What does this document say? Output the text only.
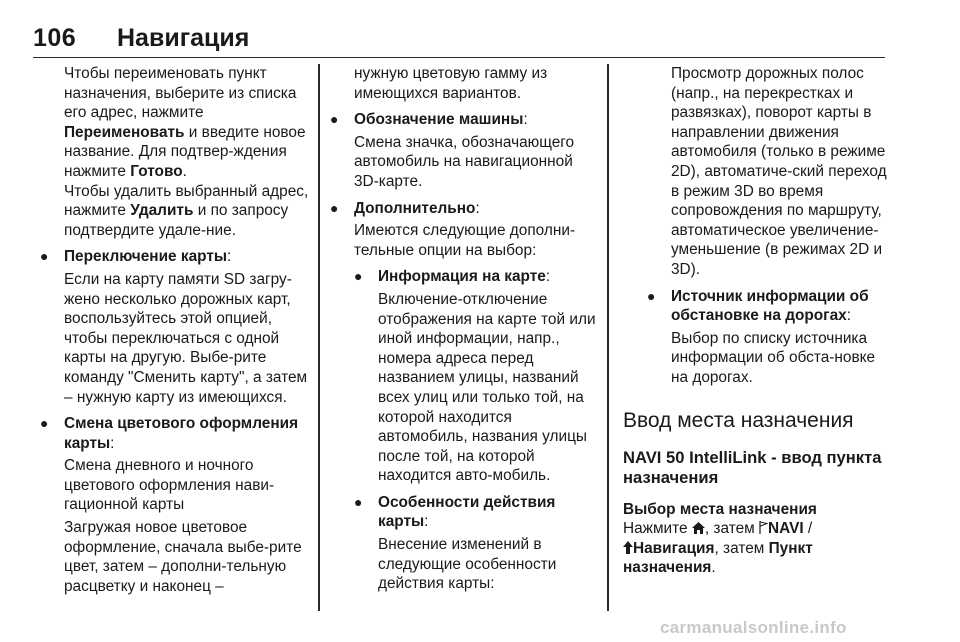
106 Навигация

Чтобы переименовать пункт назначения, выберите из списка его адрес, нажмите Переименовать и введите новое название. Для подтвер-ждения нажмите Готово.

Чтобы удалить выбранный адрес, нажмите Удалить и по запросу подтвердите удале-ние.

● Переключение карты:

Если на карту памяти SD загру-жено несколько дорожных карт, воспользуйтесь этой опцией, чтобы переключаться с одной карты на другую. Выбе-рите команду "Сменить карту", а затем – нужную карту из имеющихся.

● Смена цветового оформления карты:

Смена дневного и ночного цветового оформления нави-гационной карты

Загружая новое цветовое оформление, сначала выбе-рите цвет, затем – дополни-тельную расцветку и наконец –

нужную цветовую гамму из имеющихся вариантов.

● Обозначение машины:

Смена значка, обозначающего автомобиль на навигационной 3D-карте.

● Дополнительно:

Имеются следующие дополни-тельные опции на выбор:

● Информация на карте:

Включение-отключение отображения на карте той или иной информации, напр., номера адреса перед названием улицы, названий всех улиц или только той, на которой находится автомобиль, названия улицы после той, на которой находится авто-мобиль.

● Особенности действия карты:

Внесение изменений в следующие особенности действия карты:

Просмотр дорожных полос (напр., на перекрестках и развязках), поворот карты в направлении движения автомобиля (только в режиме 2D), автоматиче-ский переход в режим 3D во время сопровождения по маршруту, автоматическое увеличение-уменьшение (в режимах 2D и 3D).

● Источник информации об обстановке на дорогах:

Выбор по списку источника информации об обста-новке на дорогах.

Ввод места назначения
NAVI 50 IntelliLink - ввод пункта назначения

Выбор места назначения

Нажмите , затем NAVI /
Навигация, затем Пункт назначения.

carmanualsonline.info
